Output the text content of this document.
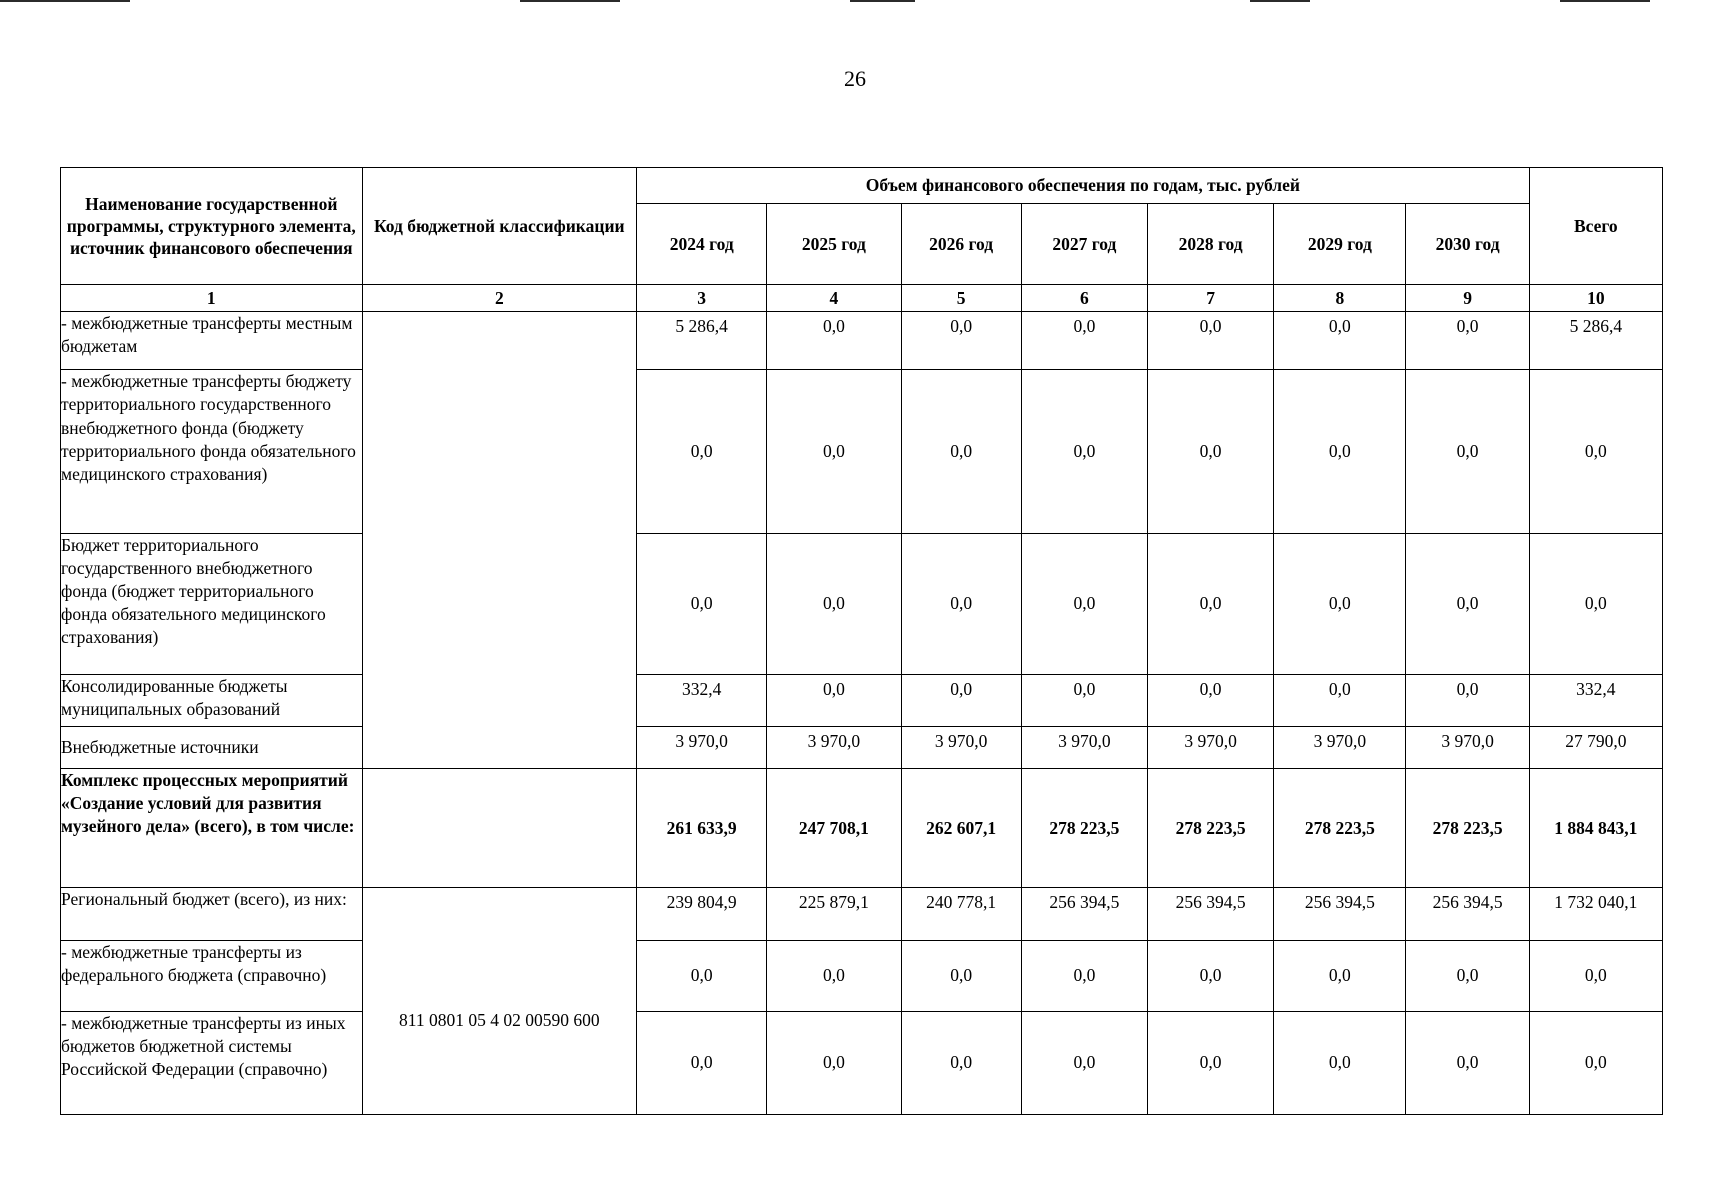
26
Наименование государственной программы, структурного элемента, источник финансового обеспечения	Код бюджетной классификации	Объем финансового обеспечения по годам, тыс. рублей							Всего
		2024 год	2025 год	2026 год	2027 год	2028 год	2029 год	2030 год	
1	2	3	4	5	6	7	8	9	10
- межбюджетные трансферты местным бюджетам		5 286,4	0,0	0,0	0,0	0,0	0,0	0,0	5 286,4
- межбюджетные трансферты бюджету территориального государственного внебюджетного фонда (бюджету территориального фонда обязательного медицинского страхования)		0,0	0,0	0,0	0,0	0,0	0,0	0,0	0,0
Бюджет территориального государственного внебюджетного фонда (бюджет территориального фонда обязательного медицинского страхования)		0,0	0,0	0,0	0,0	0,0	0,0	0,0	0,0
Консолидированные бюджеты муниципальных образований		332,4	0,0	0,0	0,0	0,0	0,0	0,0	332,4
Внебюджетные источники		3 970,0	3 970,0	3 970,0	3 970,0	3 970,0	3 970,0	3 970,0	27 790,0
Комплекс процессных мероприятий «Создание условий для развития музейного дела» (всего), в том числе:		261 633,9	247 708,1	262 607,1	278 223,5	278 223,5	278 223,5	278 223,5	1 884 843,1
Региональный бюджет (всего), из них:	811 0801 05 4 02 00590 600	239 804,9	225 879,1	240 778,1	256 394,5	256 394,5	256 394,5	256 394,5	1 732 040,1
- межбюджетные трансферты из федерального бюджета (справочно)		0,0	0,0	0,0	0,0	0,0	0,0	0,0	0,0
- межбюджетные трансферты из иных бюджетов бюджетной системы Российской Федерации (справочно)		0,0	0,0	0,0	0,0	0,0	0,0	0,0	0,0
